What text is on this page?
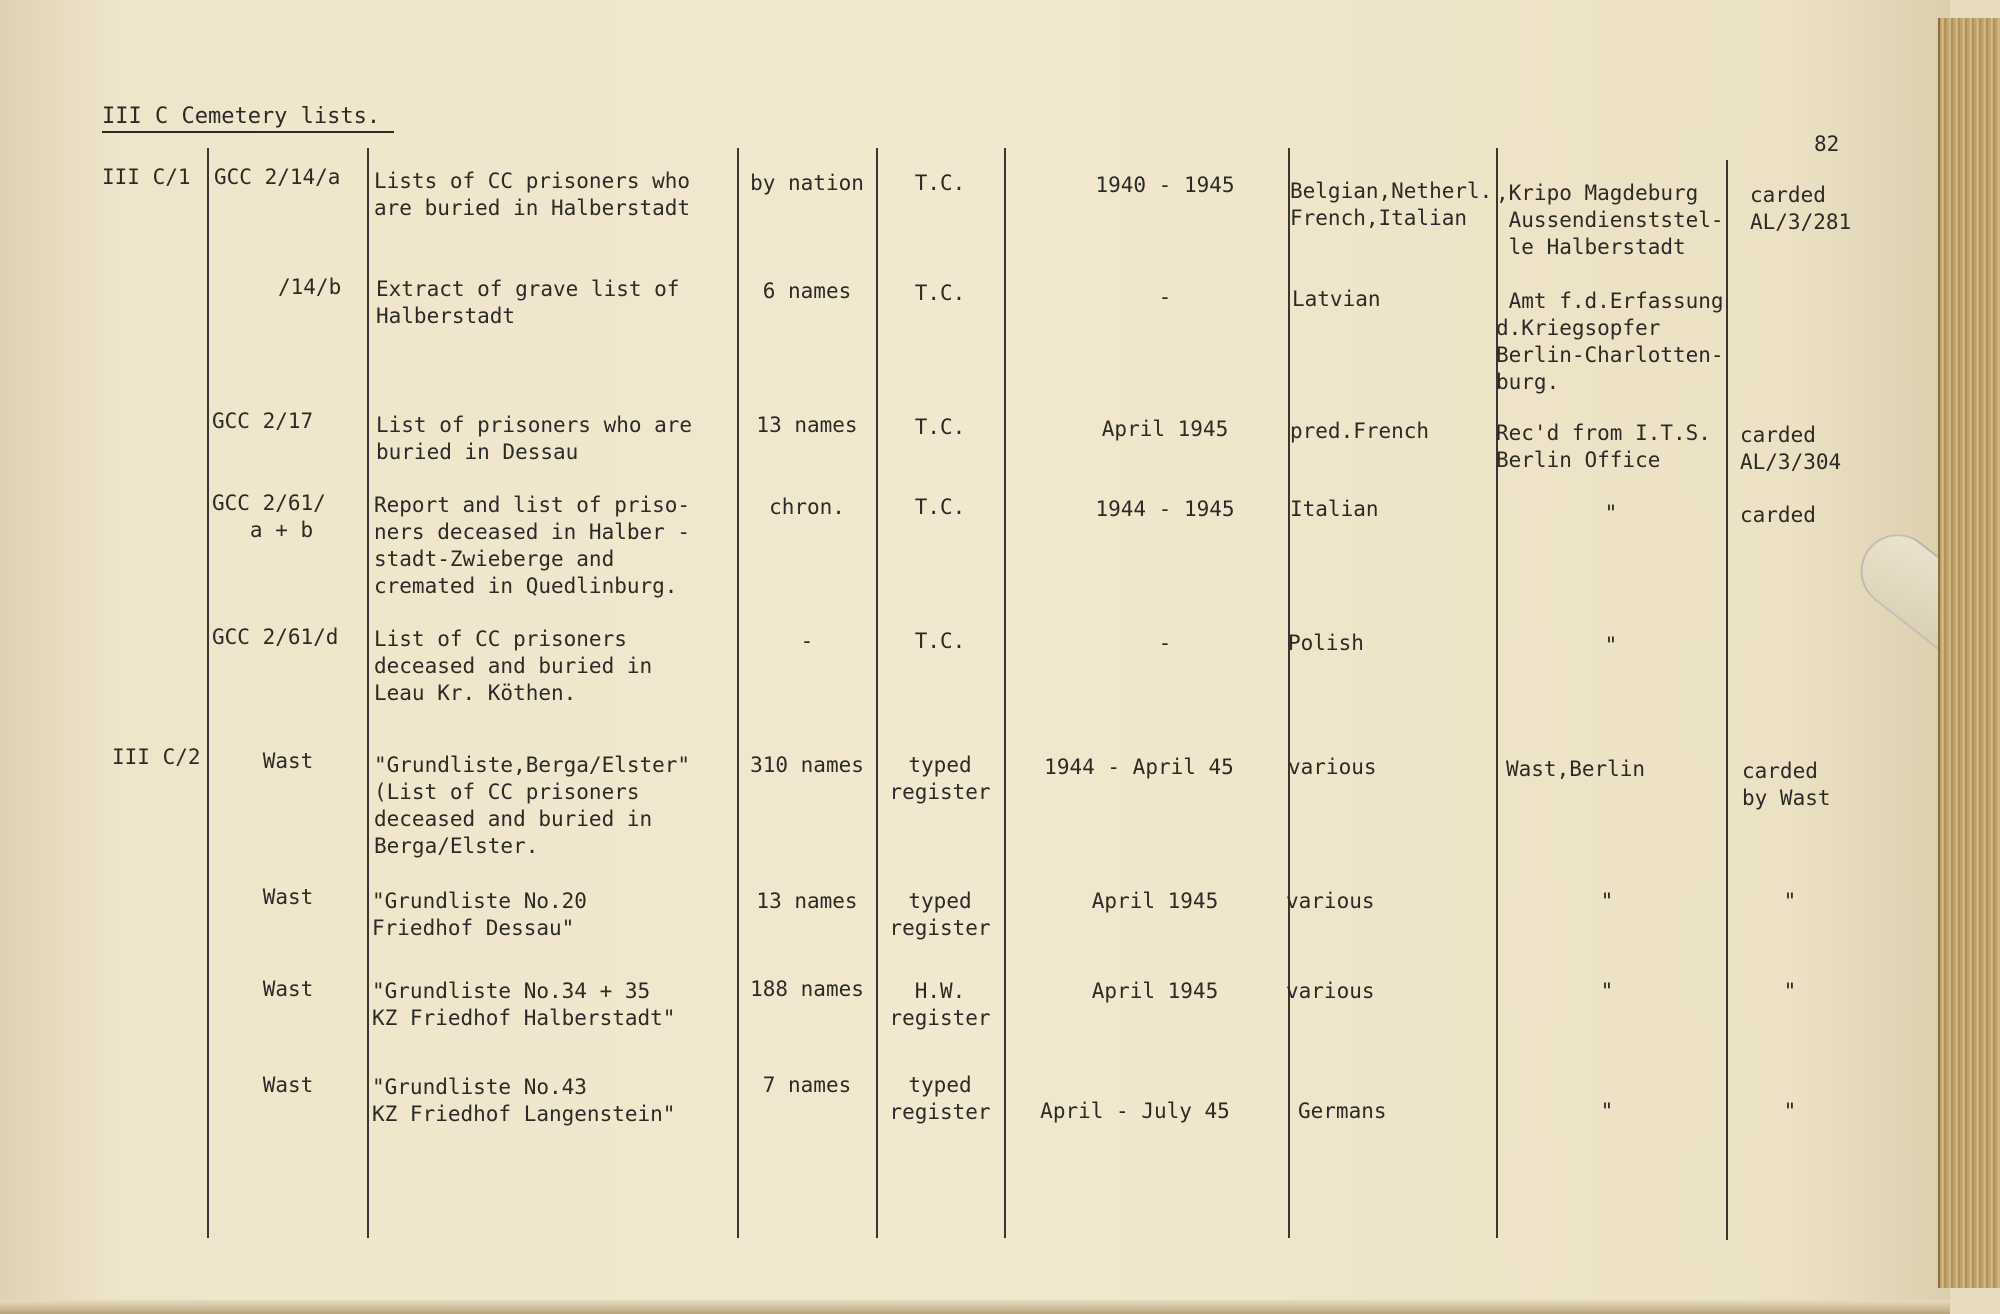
III C Cemetery lists.
82
III C/1 GCC 2/14/a Lists of CC prisoners who
are buried in Halberstadt
by nation	T.C.	1940 - 1945	Belgian,Netherl.
French,Italian
,Kripo Magdeburg
Aussendienststel-
le Halberstadt
carded
AL/3/281
/14/b Extract of grave list of
Halberstadt
6 names	T.C.	-	Latvian	Amt f.d.Erfassung
d.Kriegsopfer
Berlin-Charlotten-
burg.
GCC 2/17	List of prisoners who are
buried in Dessau
13 names	T.C.	April 1945	pred.French	Rec'd from I.T.S.
Berlin Office
carded
AL/3/304
GCC 2/61/
a + b
Report and list of priso-
ners deceased in Halber -
stadt-Zwieberge and
cremated in Quedlinburg.
chron.	T.C.	1944 - 1945	Italian	"	carded
GCC 2/61/d List of CC prisoners
deceased and buried in
Leau Kr. Köthen.
-	T.C.	-	Polish	"
III C/2	Wast	"Grundliste,Berga/Elster"
(List of CC prisoners
deceased and buried in
Berga/Elster.
310 names	typed
register
1944 - April 45	various	Wast,Berlin	carded
by Wast
Wast	"Grundliste No.20
Friedhof Dessau"
13 names	typed
register
April 1945	various	"	"
Wast	"Grundliste No.34 + 35
KZ Friedhof Halberstadt"
188 names	H.W.
register
April 1945	various	"	"
Wast	"Grundliste No.43
KZ Friedhof Langenstein"
7 names	typed
register	April - July 45	Germans	"	"
